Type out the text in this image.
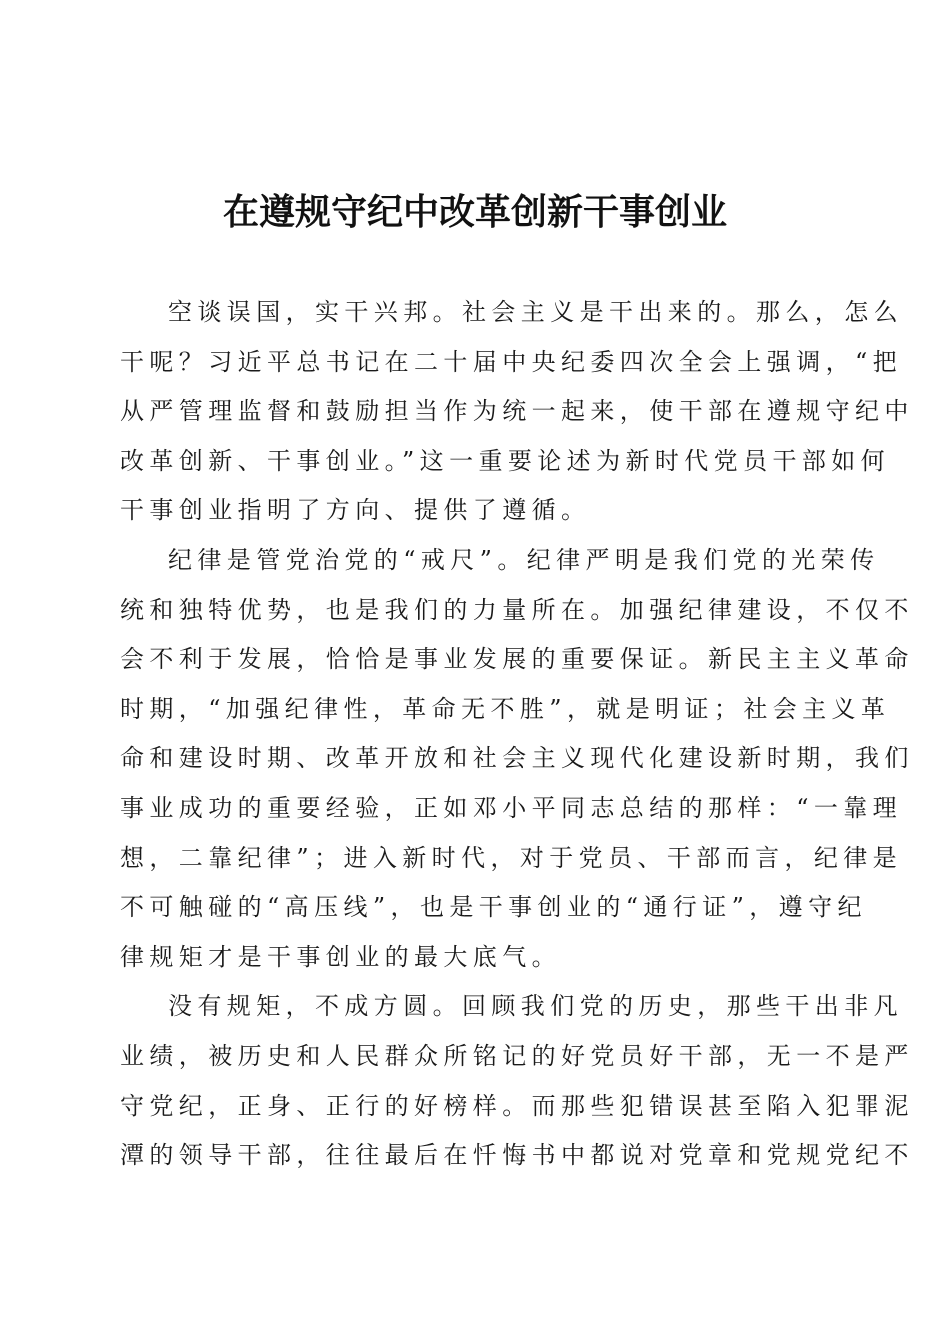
在遵规守纪中改革创新干事创业

空谈误国，实干兴邦。社会主义是干出来的。那么，怎么
干呢？习近平总书记在二十届中央纪委四次全会上强调，“把
从严管理监督和鼓励担当作为统一起来，使干部在遵规守纪中
改革创新、干事创业。”这一重要论述为新时代党员干部如何
干事创业指明了方向、提供了遵循。

纪律是管党治党的“戒尺”。纪律严明是我们党的光荣传
统和独特优势，也是我们的力量所在。加强纪律建设，不仅不
会不利于发展，恰恰是事业发展的重要保证。新民主主义革命
时期，“加强纪律性，革命无不胜”，就是明证；社会主义革
命和建设时期、改革开放和社会主义现代化建设新时期，我们
事业成功的重要经验，正如邓小平同志总结的那样：“一靠理
想，二靠纪律”；进入新时代，对于党员、干部而言，纪律是
不可触碰的“高压线”，也是干事创业的“通行证”，遵守纪
律规矩才是干事创业的最大底气。

没有规矩，不成方圆。回顾我们党的历史，那些干出非凡
业绩，被历史和人民群众所铭记的好党员好干部，无一不是严
守党纪，正身、正行的好榜样。而那些犯错误甚至陷入犯罪泥
潭的领导干部，往往最后在忏悔书中都说对党章和党规党纪不
